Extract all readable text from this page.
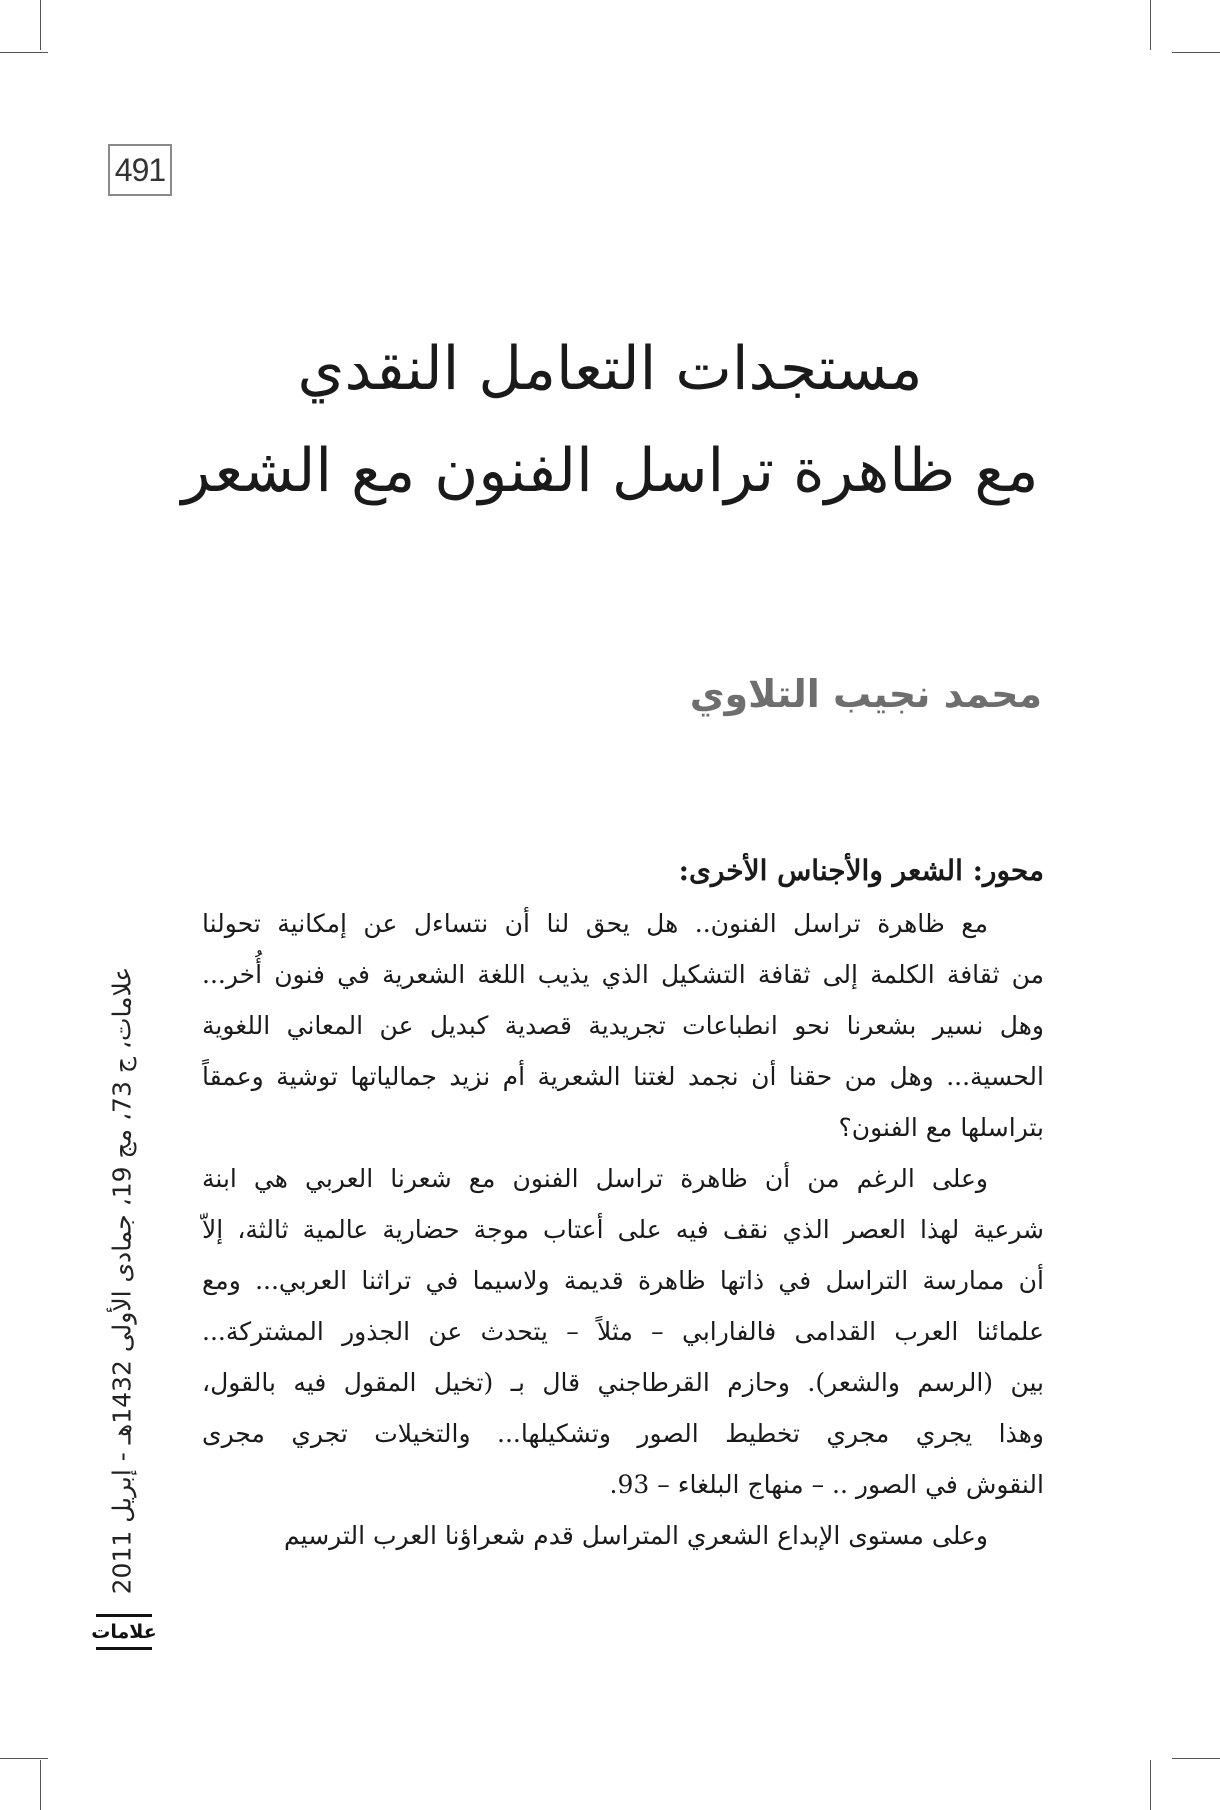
491
مستجدات التعامل النقدي
مع ظاهرة تراسل الفنون مع الشعر
محمد نجيب التلاوي
محور: الشعر والأجناس الأخرى:

مع ظاهرة تراسل الفنون.. هل يحق لنا أن نتساءل عن إمكانية تحولنا
من ثقافة الكلمة إلى ثقافة التشكيل الذي يذيب اللغة الشعرية في فنون أُخر...
وهل نسير بشعرنا نحو انطباعات تجريدية قصدية كبديل عن المعاني اللغوية
الحسية... وهل من حقنا أن نجمد لغتنا الشعرية أم نزيد جمالياتها توشية وعمقاً
بتراسلها مع الفنون؟

وعلى الرغم من أن ظاهرة تراسل الفنون مع شعرنا العربي هي ابنة
شرعية لهذا العصر الذي نقف فيه على أعتاب موجة حضارية عالمية ثالثة، إلاّ
أن ممارسة التراسل في ذاتها ظاهرة قديمة ولاسيما في تراثنا العربي... ومع
علمائنا العرب القدامى فالفارابي – مثلاً – يتحدث عن الجذور المشتركة...
بين (الرسم والشعر). وحازم القرطاجني قال بـ (تخيل المقول فيه بالقول،
وهذا يجري مجري تخطيط الصور وتشكيلها... والتخيلات تجري مجرى
النقوش في الصور .. – منهاج البلغاء – 93.

وعلى مستوى الإبداع الشعري المتراسل قدم شعراؤنا العرب الترسيم

علامات، ج 73، مج 19، جمادى الأولى 1432هـ - إبريل 2011
علامات
